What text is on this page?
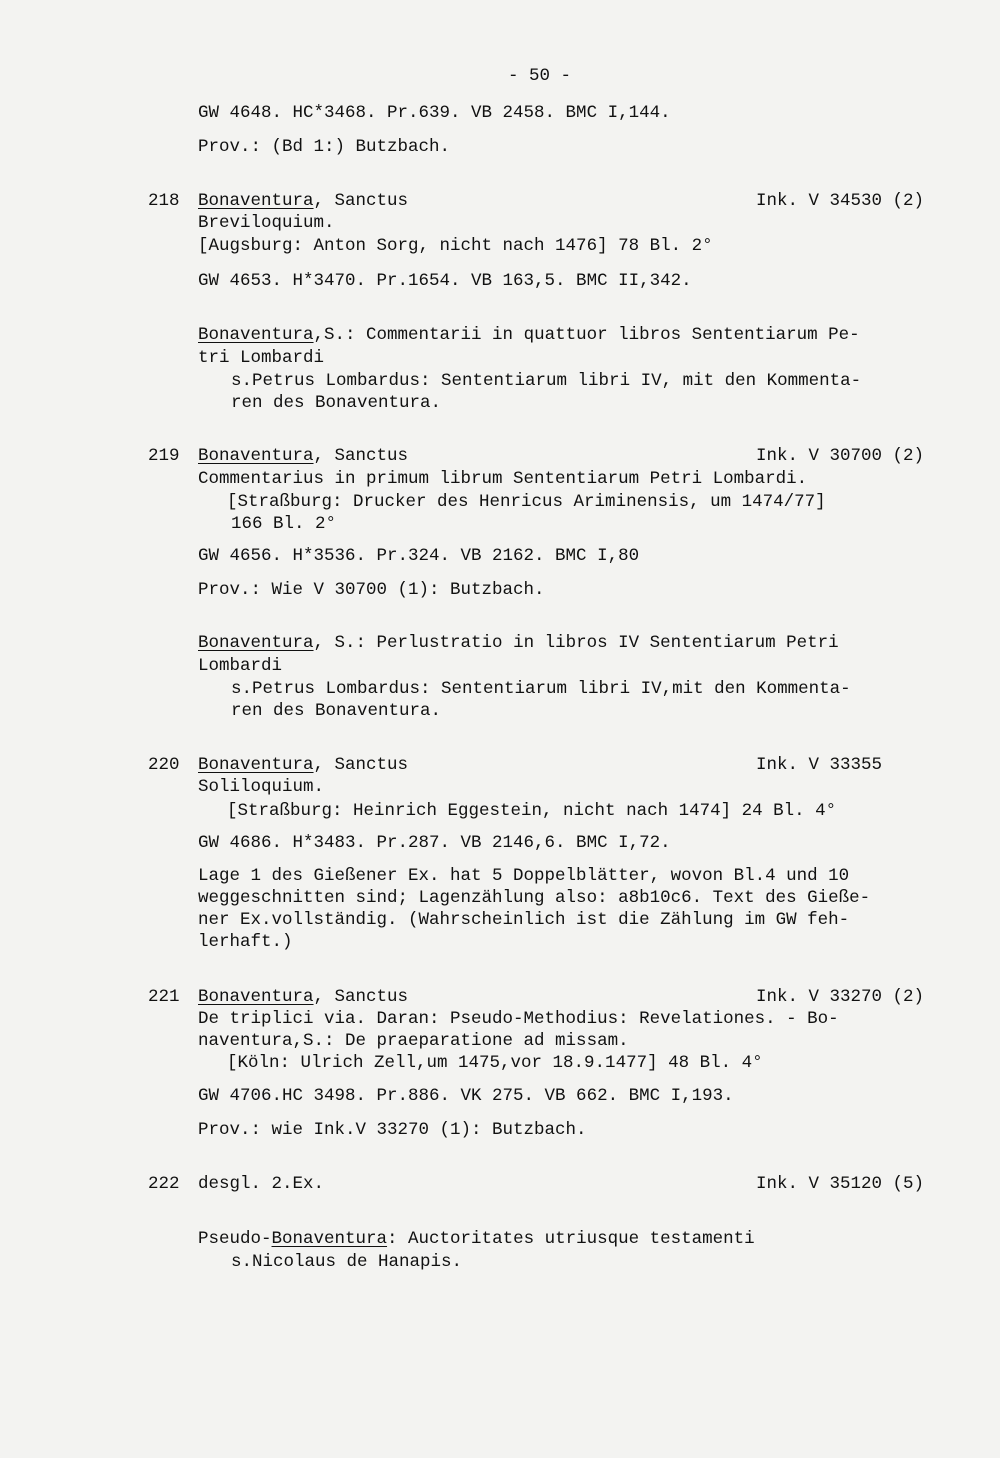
- 50 -
GW 4648. HC*3468. Pr.639. VB 2458. BMC I,144.
Prov.: (Bd 1:) Butzbach.
218 Bonaventura, Sanctus	Ink. V 34530 (2)
Breviloquium.
[Augsburg: Anton Sorg, nicht nach 1476] 78 Bl. 2°
GW 4653. H*3470. Pr.1654. VB 163,5. BMC II,342.
Bonaventura,S.: Commentarii in quattuor libros Sententiarum Pe-
tri Lombardi
s.Petrus Lombardus: Sententiarum libri IV, mit den Kommenta-
ren des Bonaventura.
219 Bonaventura, Sanctus	Ink. V 30700 (2)
Commentarius in primum librum Sententiarum Petri Lombardi.
[Straßburg: Drucker des Henricus Ariminensis, um 1474/77]
166 Bl. 2°
GW 4656. H*3536. Pr.324. VB 2162. BMC I,80
Prov.: Wie V 30700 (1): Butzbach.
Bonaventura, S.: Perlustratio in libros IV Sententiarum Petri
Lombardi
s.Petrus Lombardus: Sententiarum libri IV,mit den Kommenta-
ren des Bonaventura.
220 Bonaventura, Sanctus	Ink. V 33355
Soliloquium.
[Straßburg: Heinrich Eggestein, nicht nach 1474] 24 Bl. 4°
GW 4686. H*3483. Pr.287. VB 2146,6. BMC I,72.
Lage 1 des Gießener Ex. hat 5 Doppelblätter, wovon Bl.4 und 10
weggeschnitten sind; Lagenzählung also: a8b10c6. Text des Gieße-
ner Ex.vollständig. (Wahrscheinlich ist die Zählung im GW feh-
lerhaft.)
221 Bonaventura, Sanctus	Ink. V 33270 (2)
De triplici via. Daran: Pseudo-Methodius: Revelationes. - Bo-
naventura,S.: De praeparatione ad missam.
[Köln: Ulrich Zell,um 1475,vor 18.9.1477] 48 Bl. 4°
GW 4706.HC 3498. Pr.886. VK 275. VB 662. BMC I,193.
Prov.: wie Ink.V 33270 (1): Butzbach.
222 desgl. 2.Ex.	Ink. V 35120 (5)
Pseudo-Bonaventura: Auctoritates utriusque testamenti
s.Nicolaus de Hanapis.
